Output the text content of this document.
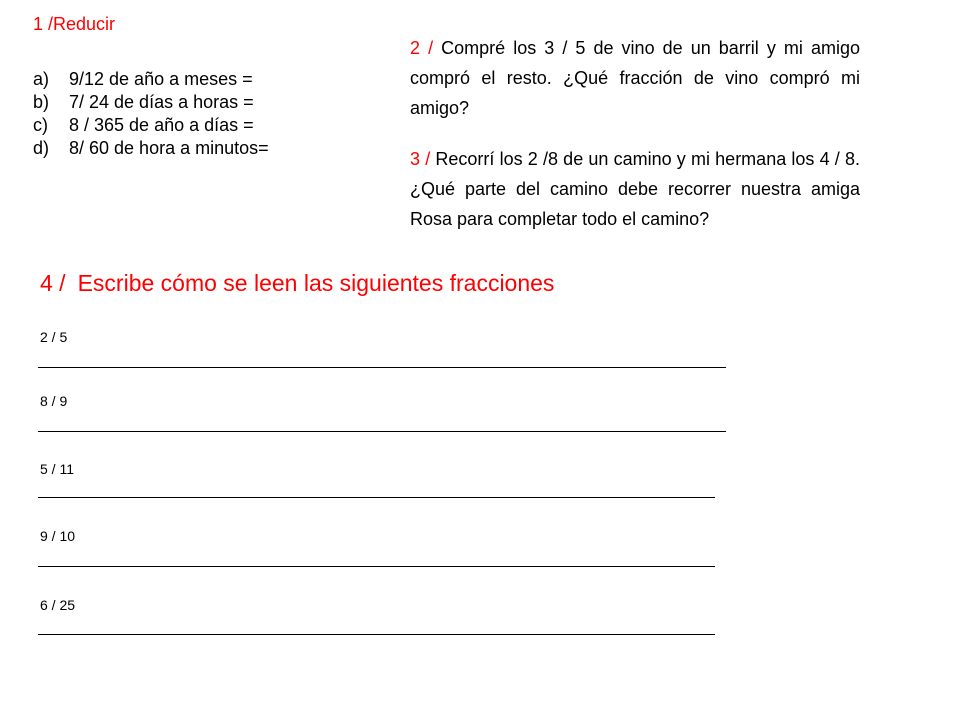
1 /Reducir
a)	9/12 de año a meses =
b)	7/ 24 de días a horas =
c)	8 / 365 de año a días =
d)	8/ 60 de hora a minutos=
2 / Compré los 3 / 5 de vino de un barril y mi amigo compró el resto. ¿Qué fracción de vino compró mi amigo?
3 / Recorrí los 2 /8 de un camino y mi hermana los 4 / 8. ¿Qué parte del camino debe recorrer nuestra amiga Rosa para completar todo el camino?
4 / Escribe cómo se leen las siguientes fracciones
2 / 5
8 / 9
5 / 11
9 / 10
6 / 25
